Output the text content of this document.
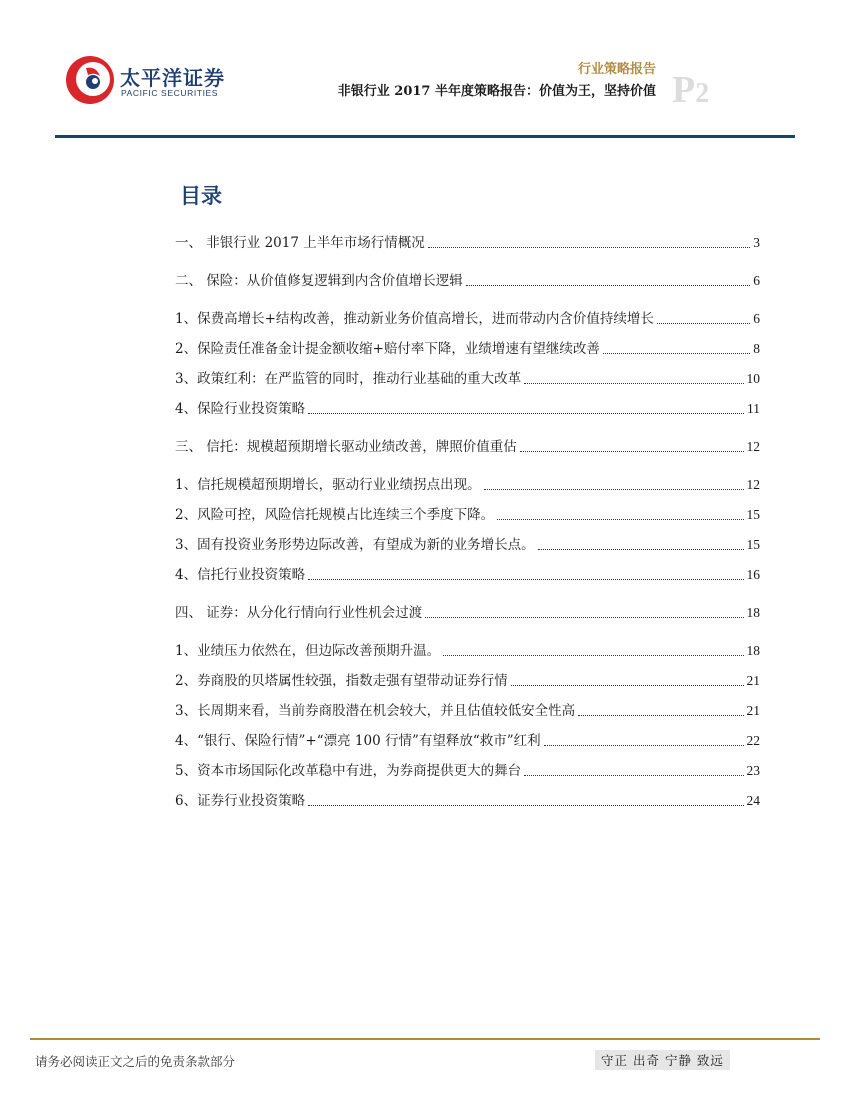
太平洋证券
PACIFIC SECURITIES
行业策略报告
非银行业 2017 半年度策略报告：价值为王，坚持价值 P2
目录
一、 非银行业 2017 上半年市场行情概况	3
二、 保险：从价值修复逻辑到内含价值增长逻辑	6
1、保费高增长+结构改善，推动新业务价值高增长，进而带动内含价值持续增长	6
2、保险责任准备金计提金额收缩+赔付率下降，业绩增速有望继续改善	8
3、政策红利：在严监管的同时，推动行业基础的重大改革	10
4、保险行业投资策略	11
三、 信托：规模超预期增长驱动业绩改善，牌照价值重估	12
1、信托规模超预期增长，驱动行业业绩拐点出现。	12
2、风险可控，风险信托规模占比连续三个季度下降。	15
3、固有投资业务形势边际改善，有望成为新的业务增长点。	15
4、信托行业投资策略	16
四、 证券：从分化行情向行业性机会过渡	18
1、业绩压力依然在，但边际改善预期升温。	18
2、券商股的贝塔属性较强，指数走强有望带动证券行情	21
3、长周期来看，当前券商股潜在机会较大，并且估值较低安全性高	21
4、“银行、保险行情”+“漂亮 100 行情”有望释放“救市”红利	22
5、资本市场国际化改革稳中有进，为券商提供更大的舞台	23
6、证券行业投资策略	24
请务必阅读正文之后的免责条款部分	守正 出奇 宁静 致远
